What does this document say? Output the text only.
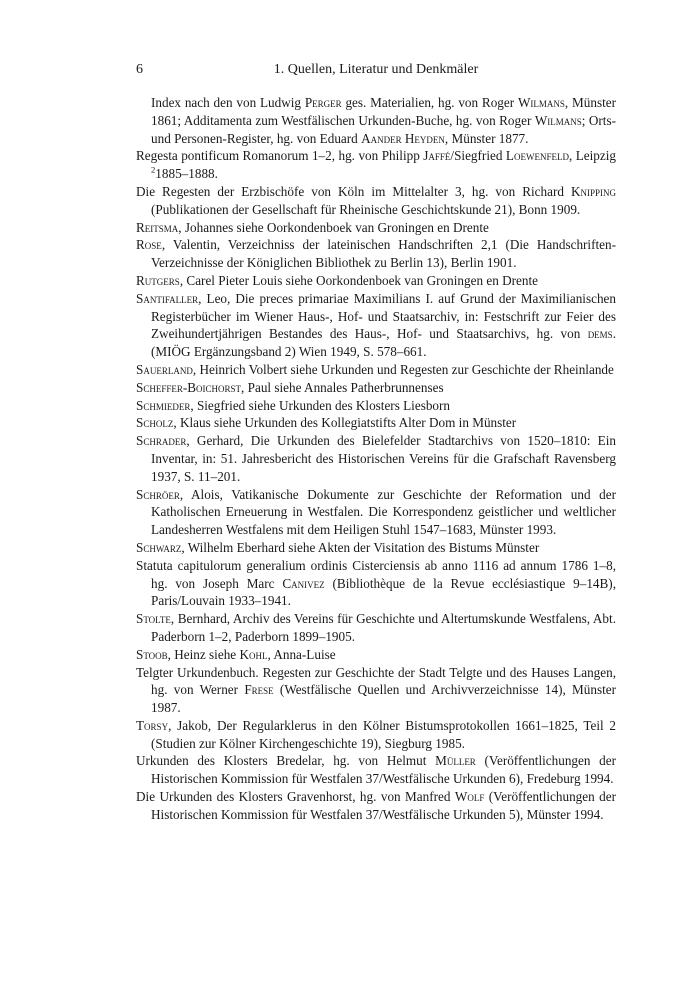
6	1. Quellen, Literatur und Denkmäler

Index nach den von Ludwig Perger ges. Materialien, hg. von Roger Wilmans, Münster 1861; Additamenta zum Westfälischen Urkunden-Buche, hg. von Roger Wilmans; Orts- und Personen-Register, hg. von Eduard Aander Heyden, Münster 1877.

Regesta pontificum Romanorum 1–2, hg. von Philipp Jaffé/Siegfried Loewenfeld, Leipzig $^2$1885–1888.

Die Regesten der Erzbischöfe von Köln im Mittelalter 3, hg. von Richard Knipping (Publikationen der Gesellschaft für Rheinische Geschichtskunde 21), Bonn 1909.

Reitsma, Johannes siehe Oorkondenboek van Groningen en Drente

Rose, Valentin, Verzeichniss der lateinischen Handschriften 2,1 (Die Handschriften-Verzeichnisse der Königlichen Bibliothek zu Berlin 13), Berlin 1901.

Rutgers, Carel Pieter Louis siehe Oorkondenboek van Groningen en Drente

Santifaller, Leo, Die preces primariae Maximilians I. auf Grund der Maximilianischen Registerbücher im Wiener Haus-, Hof- und Staatsarchiv, in: Festschrift zur Feier des Zweihundertjährigen Bestandes des Haus-, Hof- und Staatsarchivs, hg. von dems. (MIÖG Ergänzungsband 2) Wien 1949, S. 578–661.

Sauerland, Heinrich Volbert siehe Urkunden und Regesten zur Geschichte der Rheinlande

Scheffer-Boichorst, Paul siehe Annales Patherbrunnenses

Schmieder, Siegfried siehe Urkunden des Klosters Liesborn

Scholz, Klaus siehe Urkunden des Kollegiatstifts Alter Dom in Münster

Schrader, Gerhard, Die Urkunden des Bielefelder Stadtarchivs von 1520–1810: Ein Inventar, in: 51. Jahresbericht des Historischen Vereins für die Grafschaft Ravensberg 1937, S. 11–201.

Schröer, Alois, Vatikanische Dokumente zur Geschichte der Reformation und der Katholischen Erneuerung in Westfalen. Die Korrespondenz geistlicher und weltlicher Landesherren Westfalens mit dem Heiligen Stuhl 1547–1683, Münster 1993.

Schwarz, Wilhelm Eberhard siehe Akten der Visitation des Bistums Münster

Statuta capitulorum generalium ordinis Cisterciensis ab anno 1116 ad annum 1786 1–8, hg. von Joseph Marc Canivez (Bibliothèque de la Revue ecclésiastique 9–14B), Paris/Louvain 1933–1941.

Stolte, Bernhard, Archiv des Vereins für Geschichte und Altertumskunde Westfalens, Abt. Paderborn 1–2, Paderborn 1899–1905.

Stoob, Heinz siehe Kohl, Anna-Luise

Telgter Urkundenbuch. Regesten zur Geschichte der Stadt Telgte und des Hauses Langen, hg. von Werner Frese (Westfälische Quellen und Archivverzeichnisse 14), Münster 1987.

Torsy, Jakob, Der Regularklerus in den Kölner Bistumsprotokollen 1661–1825, Teil 2 (Studien zur Kölner Kirchengeschichte 19), Siegburg 1985.

Urkunden des Klosters Bredelar, hg. von Helmut Müller (Veröffentlichungen der Historischen Kommission für Westfalen 37/Westfälische Urkunden 6), Fredeburg 1994.

Die Urkunden des Klosters Gravenhorst, hg. von Manfred Wolf (Veröffentlichungen der Historischen Kommission für Westfalen 37/Westfälische Urkunden 5), Münster 1994.
